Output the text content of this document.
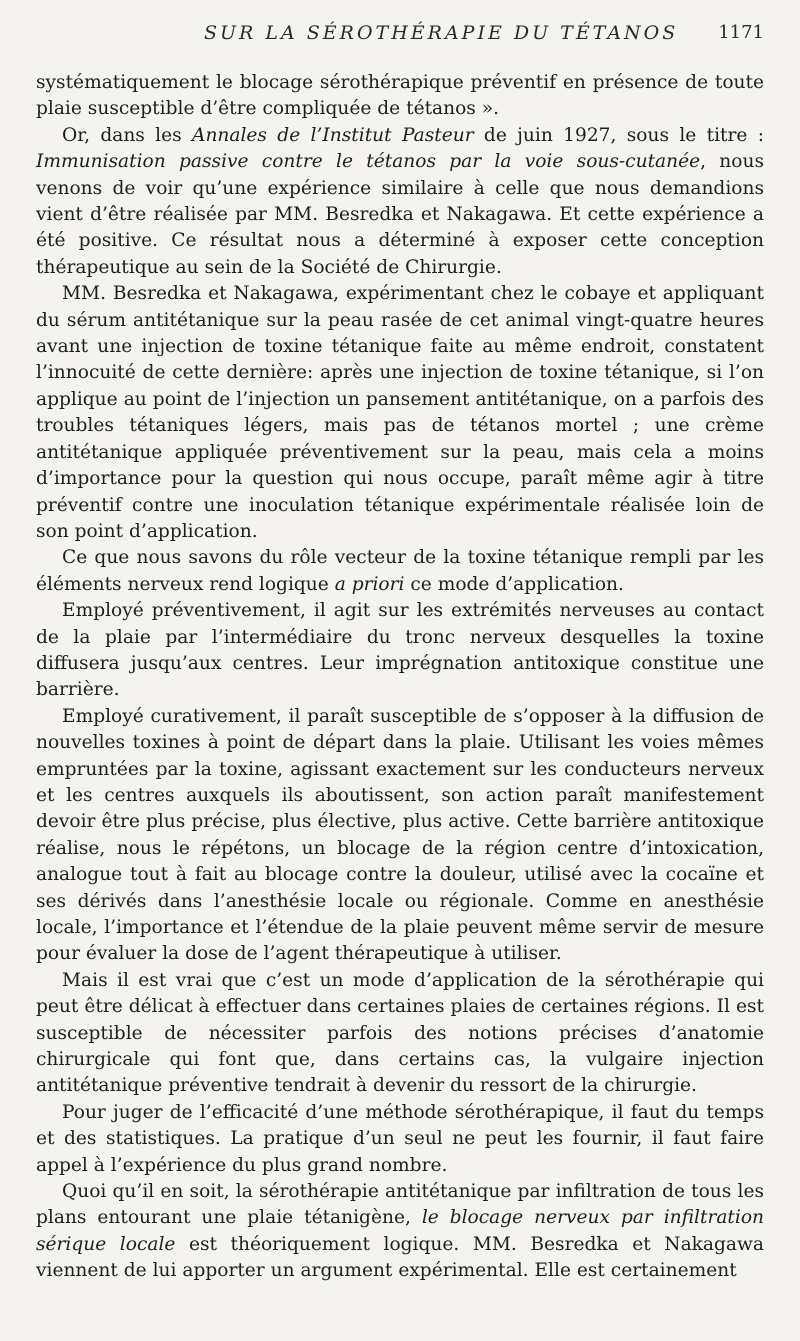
SUR LA SÉROTHÉRAPIE DU TÉTANOS 1171

systématiquement le blocage sérothérapique préventif en présence de toute plaie susceptible d’être compliquée de tétanos ».

Or, dans les Annales de l’Institut Pasteur de juin 1927, sous le titre : Immunisation passive contre le tétanos par la voie sous-cutanée, nous venons de voir qu’une expérience similaire à celle que nous demandions vient d’être réalisée par MM. Besredka et Nakagawa. Et cette expérience a été positive. Ce résultat nous a déterminé à exposer cette conception thérapeutique au sein de la Société de Chirurgie.

MM. Besredka et Nakagawa, expérimentant chez le cobaye et appliquant du sérum antitétanique sur la peau rasée de cet animal vingt-quatre heures avant une injection de toxine tétanique faite au même endroit, constatent l’innocuité de cette dernière: après une injection de toxine tétanique, si l’on applique au point de l’injection un pansement antitétanique, on a parfois des troubles tétaniques légers, mais pas de tétanos mortel ; une crème antitétanique appliquée préventivement sur la peau, mais cela a moins d’importance pour la question qui nous occupe, paraît même agir à titre préventif contre une inoculation tétanique expérimentale réalisée loin de son point d’application.

Ce que nous savons du rôle vecteur de la toxine tétanique rempli par les éléments nerveux rend logique a priori ce mode d’application.

Employé préventivement, il agit sur les extrémités nerveuses au contact de la plaie par l’intermédiaire du tronc nerveux desquelles la toxine diffusera jusqu’aux centres. Leur imprégnation antitoxique constitue une barrière.

Employé curativement, il paraît susceptible de s’opposer à la diffusion de nouvelles toxines à point de départ dans la plaie. Utilisant les voies mêmes empruntées par la toxine, agissant exactement sur les conducteurs nerveux et les centres auxquels ils aboutissent, son action paraît manifestement devoir être plus précise, plus élective, plus active. Cette barrière antitoxique réalise, nous le répétons, un blocage de la région centre d’intoxication, analogue tout à fait au blocage contre la douleur, utilisé avec la cocaïne et ses dérivés dans l’anesthésie locale ou régionale. Comme en anesthésie locale, l’importance et l’étendue de la plaie peuvent même servir de mesure pour évaluer la dose de l’agent thérapeutique à utiliser.

Mais il est vrai que c’est un mode d’application de la sérothérapie qui peut être délicat à effectuer dans certaines plaies de certaines régions. Il est susceptible de nécessiter parfois des notions précises d’anatomie chirurgicale qui font que, dans certains cas, la vulgaire injection antitétanique préventive tendrait à devenir du ressort de la chirurgie.

Pour juger de l’efficacité d’une méthode sérothérapique, il faut du temps et des statistiques. La pratique d’un seul ne peut les fournir, il faut faire appel à l’expérience du plus grand nombre.

Quoi qu’il en soit, la sérothérapie antitétanique par infiltration de tous les plans entourant une plaie tétanigène, le blocage nerveux par infiltration sérique locale est théoriquement logique. MM. Besredka et Nakagawa viennent de lui apporter un argument expérimental. Elle est certainement
